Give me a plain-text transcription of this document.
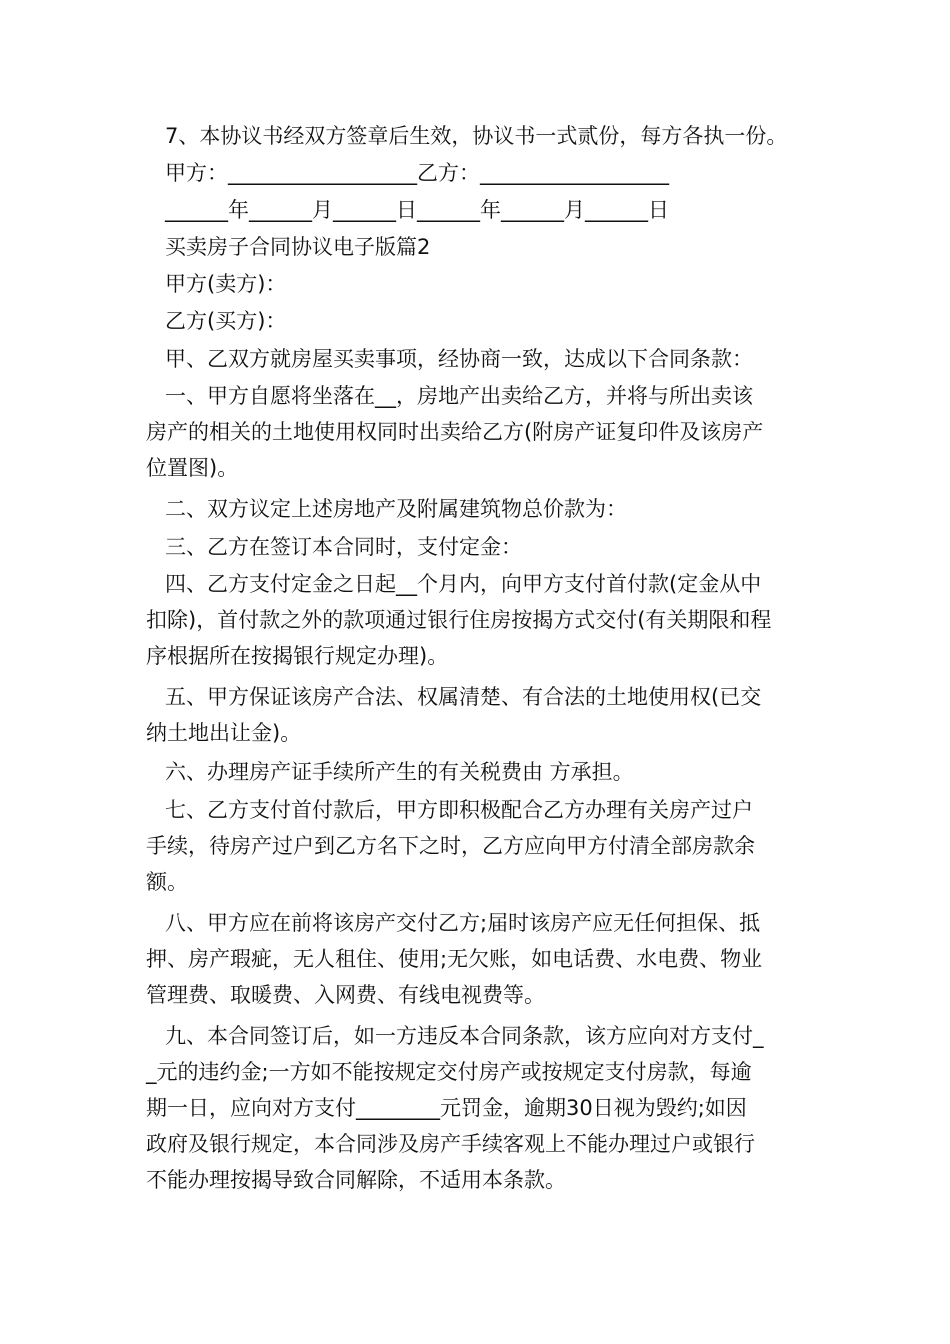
7、本协议书经双方签章后生效，协议书一式贰份，每方各执一份。
甲方：__________________乙方：__________________
______年______月______日______年______月______日
买卖房子合同协议电子版篇2
甲方(卖方)：
乙方(买方)：
甲、乙双方就房屋买卖事项，经协商一致，达成以下合同条款：
一、甲方自愿将坐落在__，房地产出卖给乙方，并将与所出卖该
房产的相关的土地使用权同时出卖给乙方(附房产证复印件及该房产
位置图)。
二、双方议定上述房地产及附属建筑物总价款为：
三、乙方在签订本合同时，支付定金：
四、乙方支付定金之日起__个月内，向甲方支付首付款(定金从中
扣除)，首付款之外的款项通过银行住房按揭方式交付(有关期限和程
序根据所在按揭银行规定办理)。
五、甲方保证该房产合法、权属清楚、有合法的土地使用权(已交
纳土地出让金)。
六、办理房产证手续所产生的有关税费由 方承担。
七、乙方支付首付款后，甲方即积极配合乙方办理有关房产过户
手续，待房产过户到乙方名下之时，乙方应向甲方付清全部房款余
额。
八、甲方应在前将该房产交付乙方;届时该房产应无任何担保、抵
押、房产瑕疵，无人租住、使用;无欠账，如电话费、水电费、物业
管理费、取暖费、入网费、有线电视费等。
九、本合同签订后，如一方违反本合同条款，该方应向对方支付_
_元的违约金;一方如不能按规定交付房产或按规定支付房款，每逾
期一日，应向对方支付________元罚金，逾期30日视为毁约;如因
政府及银行规定，本合同涉及房产手续客观上不能办理过户或银行
不能办理按揭导致合同解除，不适用本条款。
